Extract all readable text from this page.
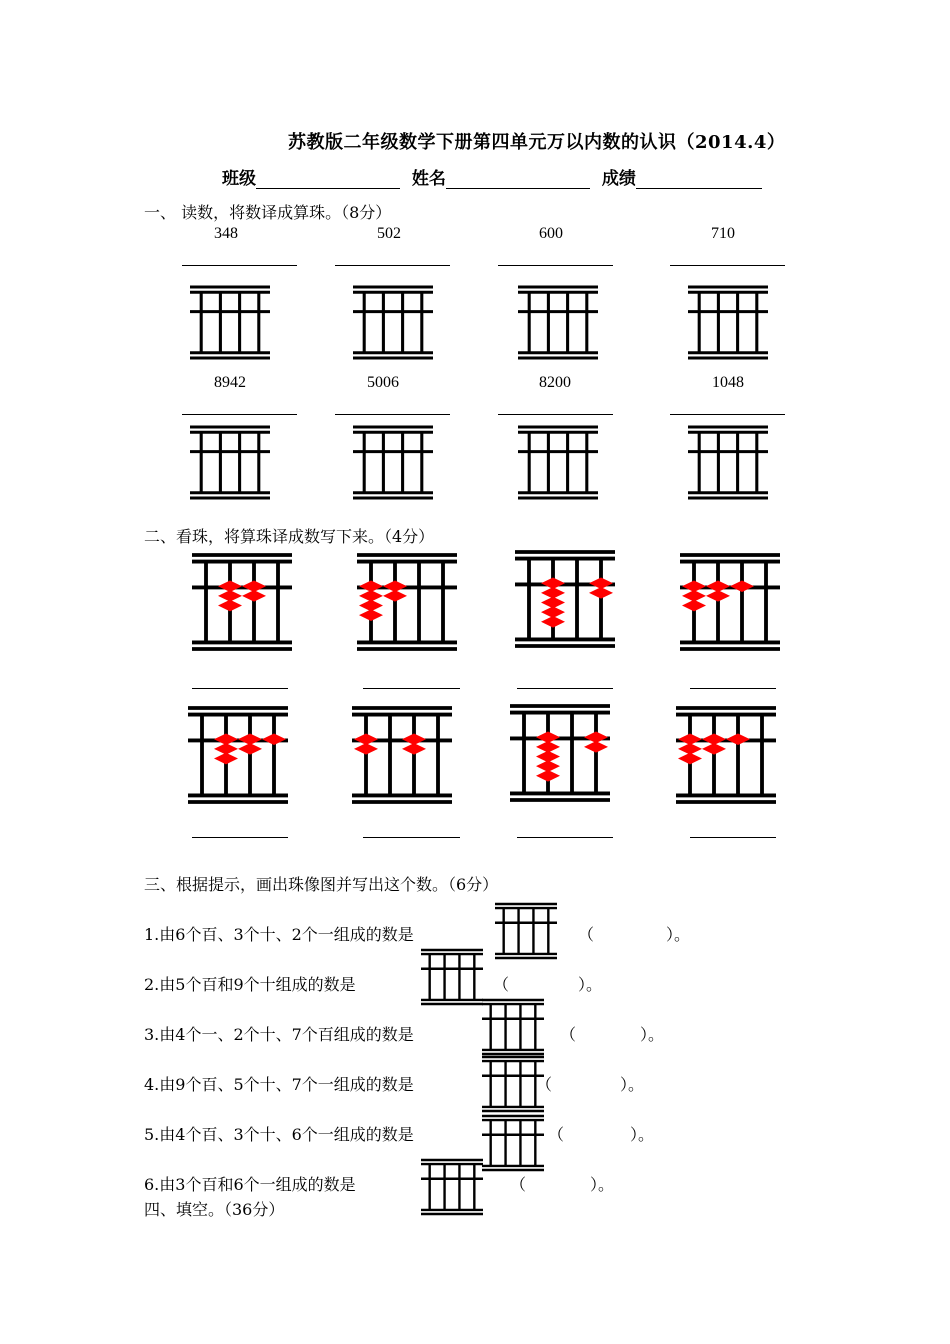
苏教版二年级数学下册第四单元万以内数的认识（2014.4）
班级	姓名	成绩
一、 读数，将数译成算珠。（8分）
348	502	600	710
8942	5006	8200	1048
二、看珠，将算珠译成数写下来。（4分）
三、根据提示，画出珠像图并写出这个数。（6分）
1.由6个百、3个十、2个一组成的数是	（	）。
2.由5个百和9个十组成的数是	（	）。
3.由4个一、2个十、7个百组成的数是	（	）。
4.由9个百、5个十、7个一组成的数是	（	）。
5.由4个百、3个十、6个一组成的数是	（	）。
6.由3个百和6个一组成的数是	（	）。
四、填空。（36分）
